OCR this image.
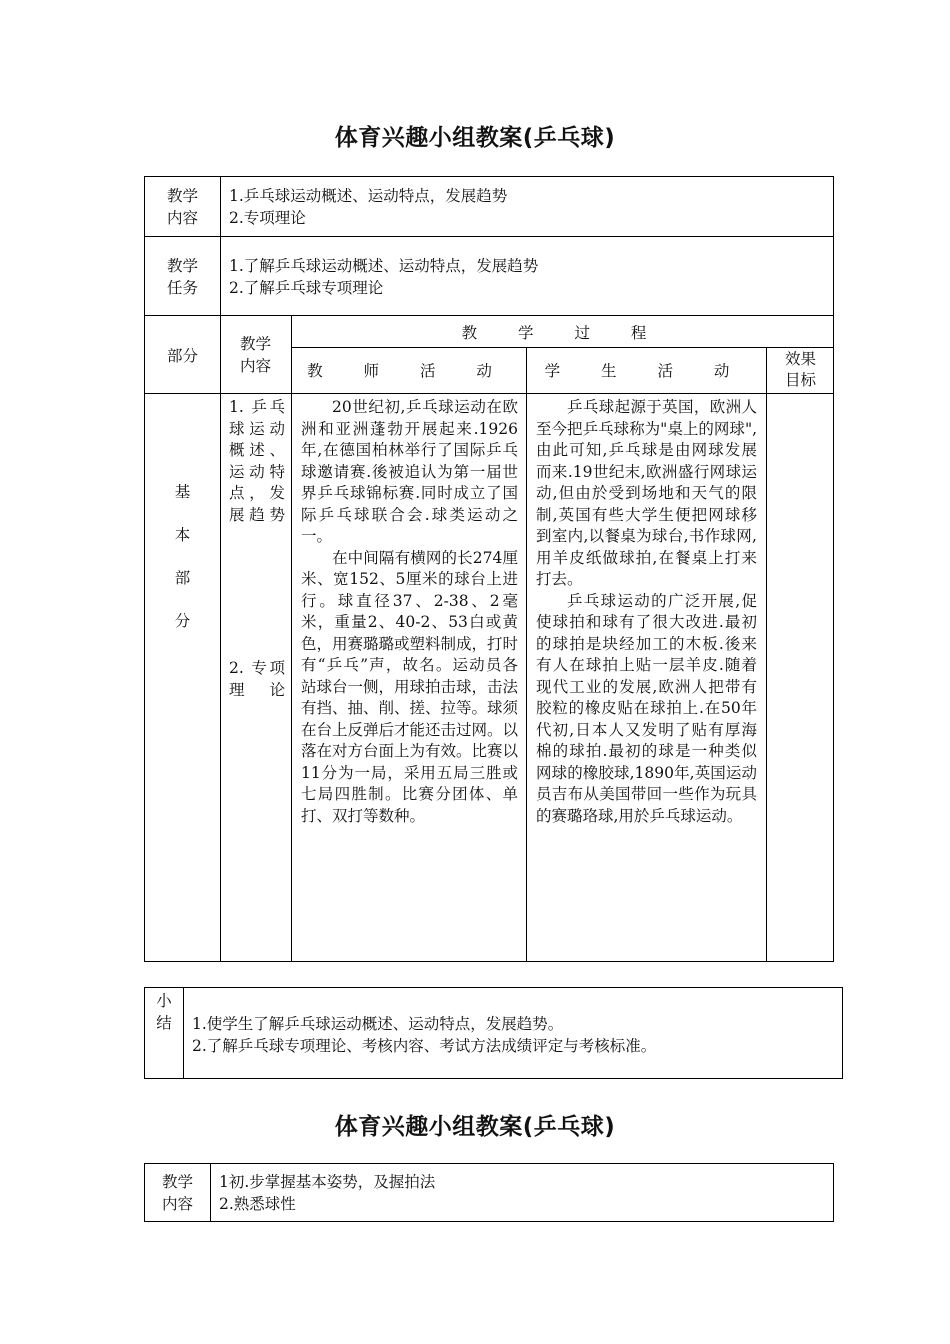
体育兴趣小组教案(乒乓球)
教学
内容
1.乒乓球运动概述、运动特点，发展趋势
2.专项理论
教学
任务
1.了解乒乓球运动概述、运动特点，发展趋势
2.了解乒乓球专项理论
部分
教学
内容
教 学 过 程
教 师 活 动	学 生 活 动
效果
目标
基

本

部

分
1. 乒乓球运动概述、运动特点，发展趋势
2. 专项理论

20世纪初,乒乓球运动在欧洲和亚洲蓬勃开展起来.1926年,在德国柏林举行了国际乒乓球邀请赛.後被追认为第一届世界乒乓球锦标赛.同时成立了国际乒乓球联合会.球类运动之一。

在中间隔有横网的长274厘米、宽152、5厘米的球台上进行。球直径37、2-38、2毫米，重量2、40-2、53白或黄色，用赛璐璐或塑料制成，打时有“乒乓”声，故名。运动员各站球台一侧，用球拍击球，击法有挡、抽、削、搓、拉等。球须在台上反弹后才能还击过网。以落在对方台面上为有效。比赛以11分为一局，采用五局三胜或七局四胜制。比赛分团体、单打、双打等数种。

乒乓球起源于英国，欧洲人至今把乒乓球称为"桌上的网球",由此可知,乒乓球是由网球发展而来.19世纪末,欧洲盛行网球运动,但由於受到场地和天气的限制,英国有些大学生便把网球移到室内,以餐桌为球台,书作球网,用羊皮纸做球拍,在餐桌上打来打去。

乒乓球运动的广泛开展,促使球拍和球有了很大改进.最初的球拍是块经加工的木板.後来有人在球拍上贴一层羊皮.随着现代工业的发展,欧洲人把带有胶粒的橡皮贴在球拍上.在50年代初,日本人又发明了贴有厚海棉的球拍.最初的球是一种类似网球的橡胶球,1890年,英国运动员吉布从美国带回一些作为玩具的赛璐珞球,用於乒乓球运动。

小
结	1.使学生了解乒乓球运动概述、运动特点，发展趋势。
2.了解乒乓球专项理论、考核内容、考试方法成绩评定与考核标准。
体育兴趣小组教案(乒乓球)
教学
内容
1初.步掌握基本姿势，及握拍法
2.熟悉球性
